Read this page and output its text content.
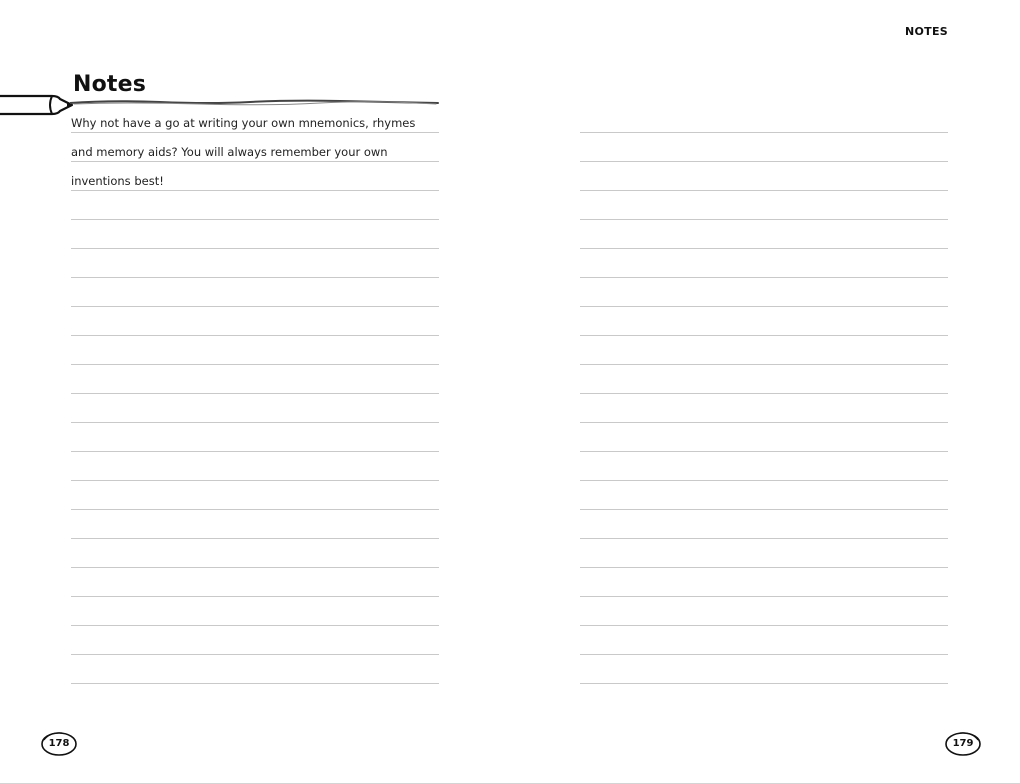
NOTES
Notes
Why not have a go at writing your own mnemonics, rhymes
and memory aids? You will always remember your own
inventions best!
178	179
